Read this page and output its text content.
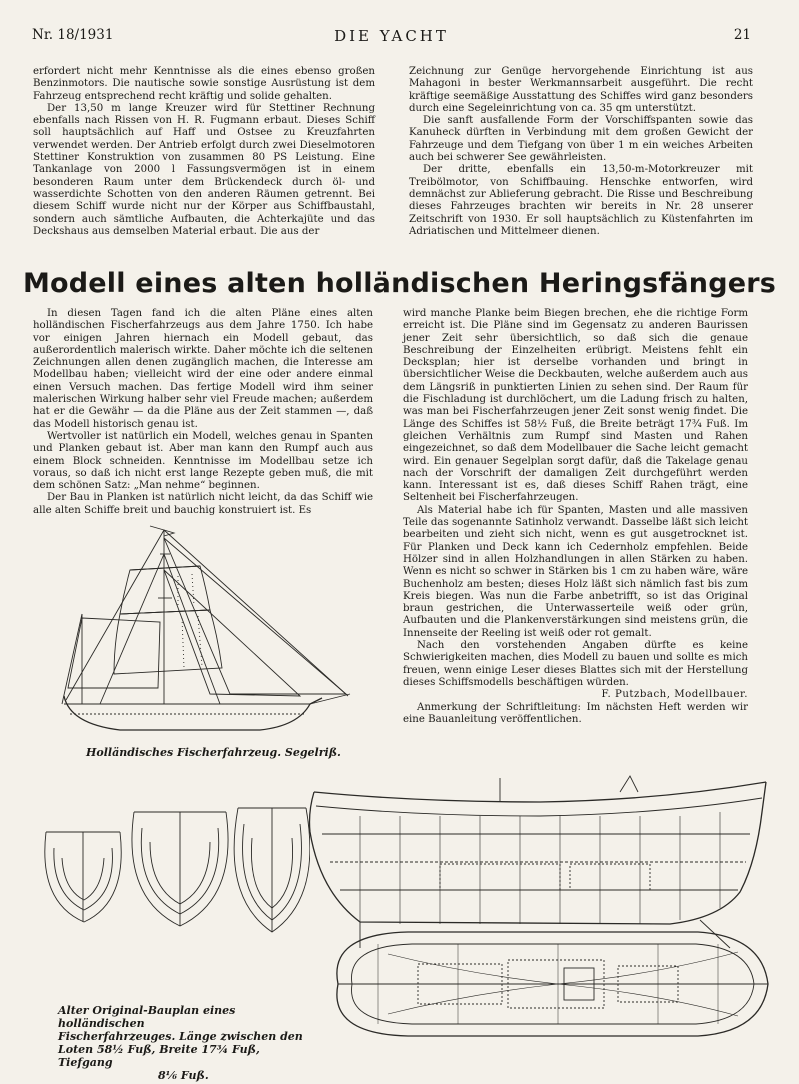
Nr. 18/1931	DIE YACHT	21

erfordert nicht mehr Kenntnisse als die eines ebenso großen Benzinmotors. Die nautische sowie sonstige Ausrüstung ist dem Fahrzeug entsprechend recht kräftig und solide gehalten.

Der 13,50 m lange Kreuzer wird für Stettiner Rechnung ebenfalls nach Rissen von H. R. Fugmann erbaut. Dieses Schiff soll hauptsächlich auf Haff und Ostsee zu Kreuzfahrten verwendet werden. Der Antrieb erfolgt durch zwei Dieselmotoren Stettiner Konstruktion von zusammen 80 PS Leistung. Eine Tankanlage von 2000 l Fassungsvermögen ist in einem besonderen Raum unter dem Brückendeck durch öl- und wasserdichte Schotten von den anderen Räumen getrennt. Bei diesem Schiff wurde nicht nur der Körper aus Schiffbaustahl, sondern auch sämtliche Aufbauten, die Achterkajüte und das Deckshaus aus demselben Material erbaut. Die aus der

Zeichnung zur Genüge hervorgehende Einrichtung ist aus Mahagoni in bester Werkmannsarbeit ausgeführt. Die recht kräftige seemäßige Ausstattung des Schiffes wird ganz besonders durch eine Segeleinrichtung von ca. 35 qm unterstützt.

Die sanft ausfallende Form der Vorschiffspanten sowie das Kanuheck dürften in Verbindung mit dem großen Gewicht der Fahrzeuge und dem Tiefgang von über 1 m ein weiches Arbeiten auch bei schwerer See gewährleisten.

Der dritte, ebenfalls ein 13,50-m-Motorkreuzer mit Treibölmotor, von Schiffbauing. Henschke entworfen, wird demnächst zur Ablieferung gebracht. Die Risse und Beschreibung dieses Fahrzeuges brachten wir bereits in Nr. 28 unserer Zeitschrift von 1930. Er soll hauptsächlich zu Küstenfahrten im Adriatischen und Mittelmeer dienen.

Modell eines alten holländischen Heringsfängers

In diesen Tagen fand ich die alten Pläne eines alten holländischen Fischerfahrzeugs aus dem Jahre 1750. Ich habe vor einigen Jahren hiernach ein Modell gebaut, das außerordentlich malerisch wirkte. Daher möchte ich die seltenen Zeichnungen allen denen zugänglich machen, die Interesse am Modellbau haben; vielleicht wird der eine oder andere einmal einen Versuch machen. Das fertige Modell wird ihm seiner malerischen Wirkung halber sehr viel Freude machen; außerdem hat er die Gewähr — da die Pläne aus der Zeit stammen —, daß das Modell historisch genau ist.

Wertvoller ist natürlich ein Modell, welches genau in Spanten und Planken gebaut ist. Aber man kann den Rumpf auch aus einem Block schneiden. Kenntnisse im Modellbau setze ich voraus, so daß ich nicht erst lange Rezepte geben muß, die mit dem schönen Satz: „Man nehme“ beginnen.

Der Bau in Planken ist natürlich nicht leicht, da das Schiff wie alle alten Schiffe breit und bauchig konstruiert ist. Es

wird manche Planke beim Biegen brechen, ehe die richtige Form erreicht ist. Die Pläne sind im Gegensatz zu anderen Baurissen jener Zeit sehr übersichtlich, so daß sich die genaue Beschreibung der Einzelheiten erübrigt. Meistens fehlt ein Decksplan; hier ist derselbe vorhanden und bringt in übersichtlicher Weise die Deckbauten, welche außerdem auch aus dem Längsriß in punktierten Linien zu sehen sind. Der Raum für die Fischladung ist durchlöchert, um die Ladung frisch zu halten, was man bei Fischerfahrzeugen jener Zeit sonst wenig findet. Die Länge des Schiffes ist 58½ Fuß, die Breite beträgt 17¾ Fuß. Im gleichen Verhältnis zum Rumpf sind Masten und Rahen eingezeichnet, so daß dem Modellbauer die Sache leicht gemacht wird. Ein genauer Segelplan sorgt dafür, daß die Takelage genau nach der Vorschrift der damaligen Zeit durchgeführt werden kann. Interessant ist es, daß dieses Schiff Rahen trägt, eine Seltenheit bei Fischerfahrzeugen.

Als Material habe ich für Spanten, Masten und alle massiven Teile das sogenannte Satinholz verwandt. Dasselbe läßt sich leicht bearbeiten und zieht sich nicht, wenn es gut ausgetrocknet ist. Für Planken und Deck kann ich Cedernholz empfehlen. Beide Hölzer sind in allen Holzhandlungen in allen Stärken zu haben. Wenn es nicht so schwer in Stärken bis 1 cm zu haben wäre, wäre Buchenholz am besten; dieses Holz läßt sich nämlich fast bis zum Kreis biegen. Was nun die Farbe anbetrifft, so ist das Original braun gestrichen, die Unterwasserteile weiß oder grün, Aufbauten und die Plankenverstärkungen sind meistens grün, die Innenseite der Reeling ist weiß oder rot gemalt.

Nach den vorstehenden Angaben dürfte es keine Schwierigkeiten machen, dies Modell zu bauen und sollte es mich freuen, wenn einige Leser dieses Blattes sich mit der Herstellung dieses Schiffsmodells beschäftigen würden.

F. Putzbach, Modellbauer.

Anmerkung der Schriftleitung: Im nächsten Heft werden wir eine Bauanleitung veröffentlichen.

Holländisches Fischerfahrzeug. Segelriß.
Alter Original-Bauplan eines holländischen
Fischerfahrzeuges. Länge zwischen den
Loten 58½ Fuß, Breite 17¾ Fuß, Tiefgang
8⅙ Fuß.
